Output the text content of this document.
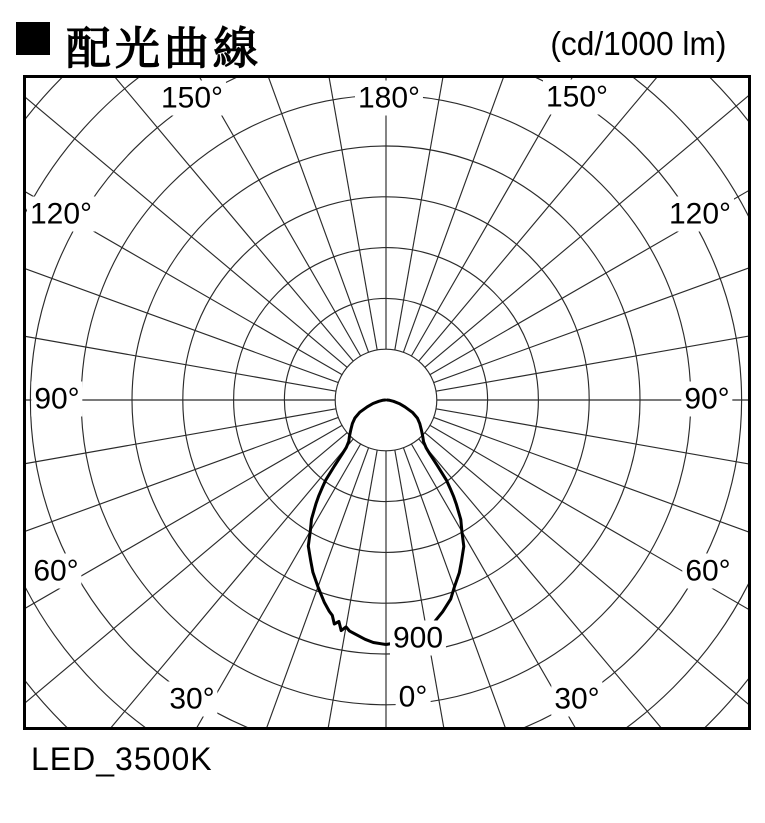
配光曲線	(cd/1000 lm)
180°
150°	150°
120°	120°
90°	90°
60°	60°
30°	30°
0°
900
LED_3500K
